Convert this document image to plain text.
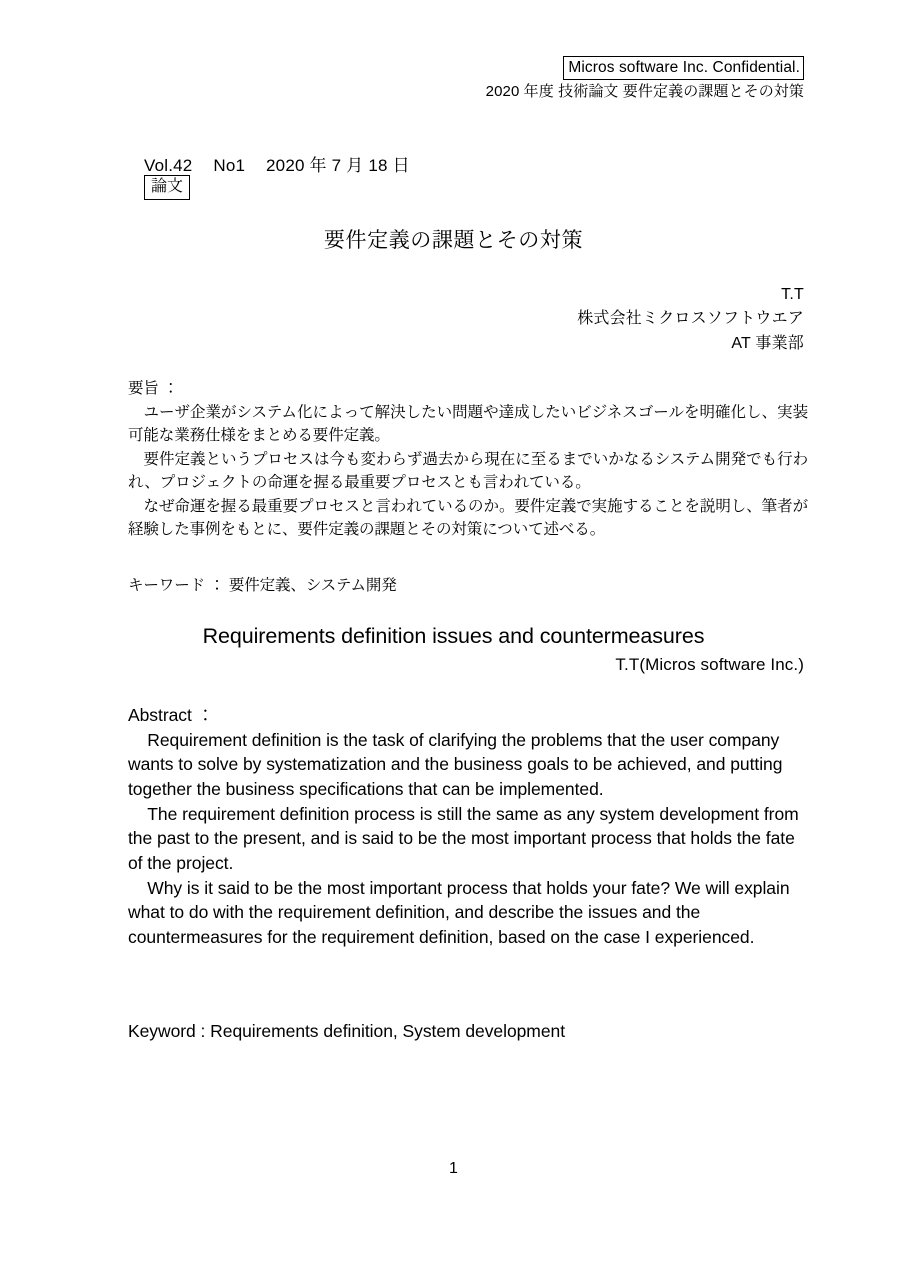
Micros software Inc. Confidential.
2020 年度 技術論文 要件定義の課題とその対策
Vol.42 No1 2020 年 7 月 18 日
論文
要件定義の課題とその対策
T.T
株式会社ミクロスソフトウエア
AT 事業部
要旨 ：

ユーザ企業がシステム化によって解決したい問題や達成したいビジネスゴールを明確化し、実装可能な業務仕様をまとめる要件定義。

要件定義というプロセスは今も変わらず過去から現在に至るまでいかなるシステム開発でも行われ、プロジェクトの命運を握る最重要プロセスとも言われている。

なぜ命運を握る最重要プロセスと言われているのか。要件定義で実施することを説明し、筆者が経験した事例をもとに、要件定義の課題とその対策について述べる。

キーワード ： 要件定義、システム開発
Requirements definition issues and countermeasures
T.T(Micros software Inc.)
Abstract ：

Requirement definition is the task of clarifying the problems that the user company wants to solve by systematization and the business goals to be achieved, and putting together the business specifications that can be implemented.

The requirement definition process is still the same as any system development from the past to the present, and is said to be the most important process that holds the fate of the project.

Why is it said to be the most important process that holds your fate? We will explain what to do with the requirement definition, and describe the issues and the countermeasures for the requirement definition, based on the case I experienced.

Keyword : Requirements definition, System development
1
